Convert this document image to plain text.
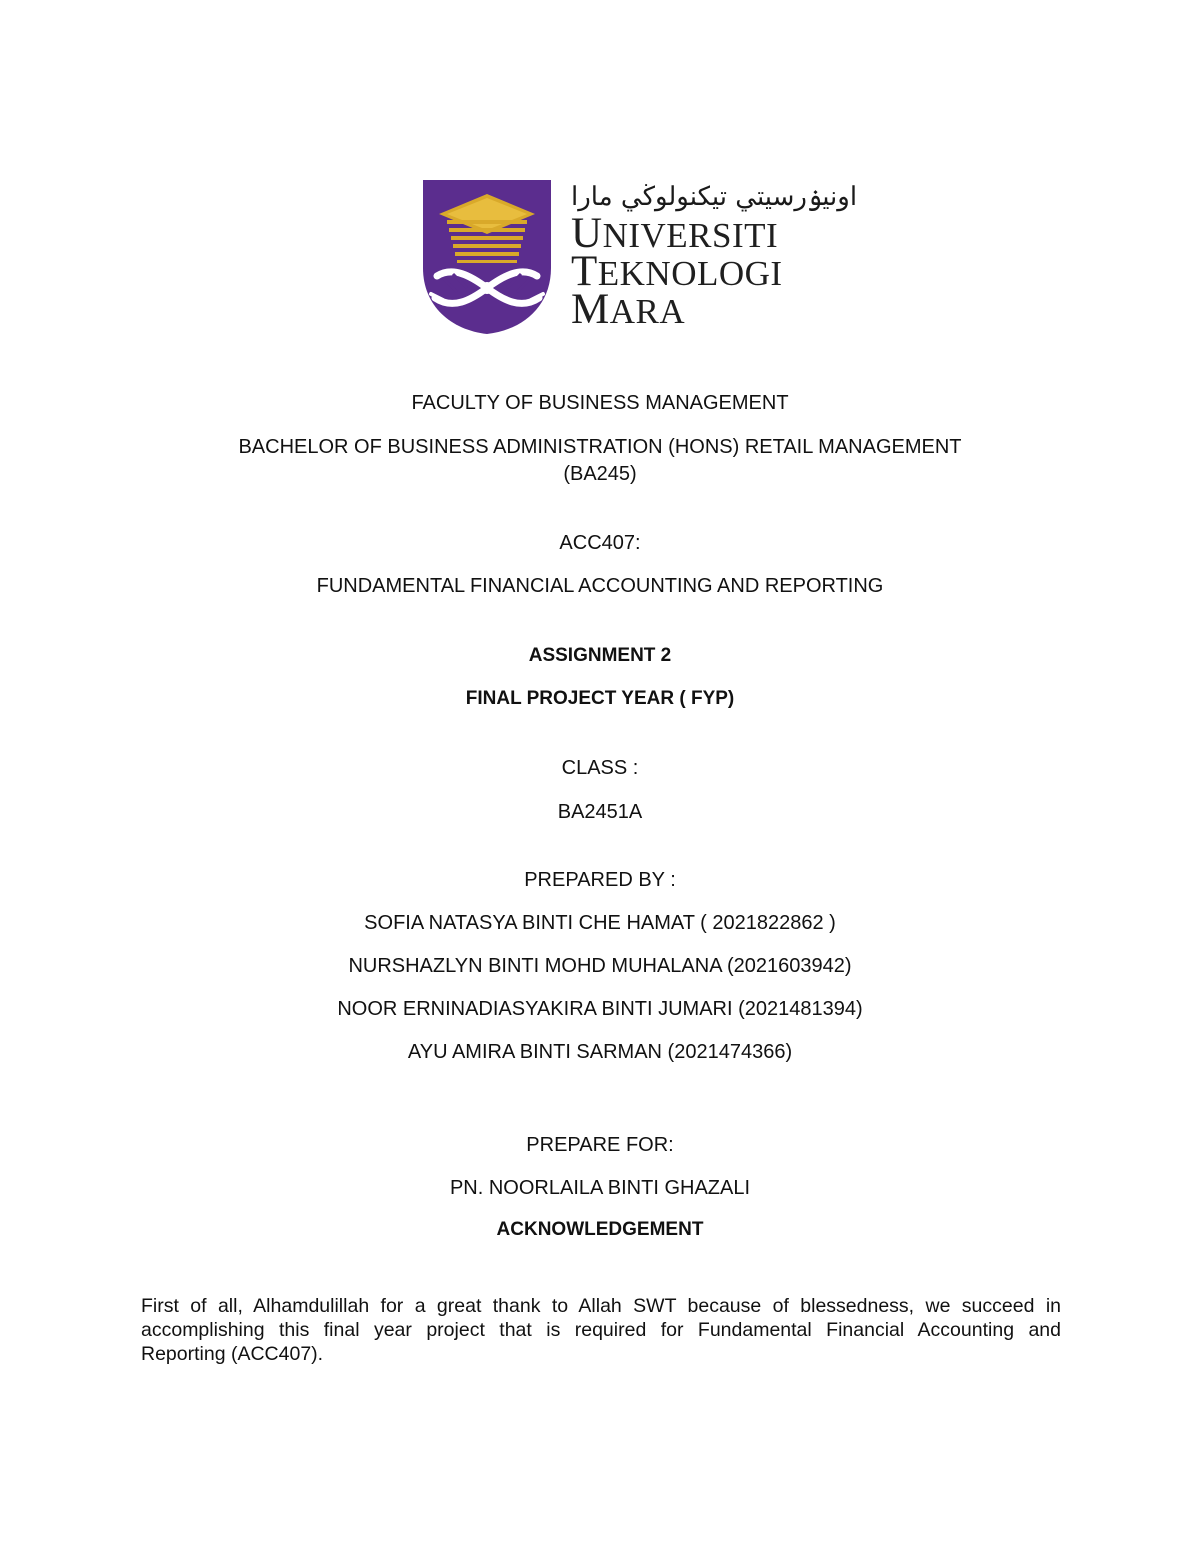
اونيۏرسيتي تيكنولوڬي مارا
UNIVERSITI
TEKNOLOGI
MARA
FACULTY OF BUSINESS MANAGEMENT
BACHELOR OF BUSINESS ADMINISTRATION (HONS) RETAIL MANAGEMENT
(BA245)
ACC407:
FUNDAMENTAL FINANCIAL ACCOUNTING AND REPORTING
ASSIGNMENT 2
FINAL PROJECT YEAR ( FYP)
CLASS :
BA2451A
PREPARED BY :
SOFIA NATASYA BINTI CHE HAMAT ( 2021822862 )
NURSHAZLYN BINTI MOHD MUHALANA (2021603942)
NOOR ERNINADIASYAKIRA BINTI JUMARI (2021481394)
AYU AMIRA BINTI SARMAN (2021474366)
PREPARE FOR:
PN. NOORLAILA BINTI GHAZALI
ACKNOWLEDGEMENT
First of all, Alhamdulillah for a great thank to Allah SWT because of blessedness, we succeed in
accomplishing this final year project that is required for Fundamental Financial Accounting and
Reporting (ACC407).
